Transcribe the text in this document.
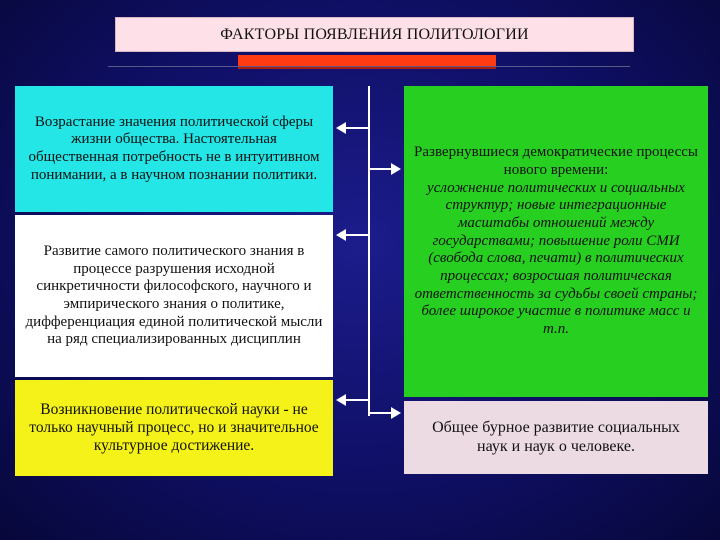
ФАКТОРЫ ПОЯВЛЕНИЯ ПОЛИТОЛОГИИ
Возрастание значения политической сферы жизни общества. Настоятельная общественная потребность не в интуитивном понимании, а в научном познании политики.
Развитие самого политического знания в процессе разрушения исходной синкретичности философского, научного и эмпирического знания о политике, дифференциация единой политической мысли на ряд специализированных дисциплин
Возникновение политической науки - не только научный процесс, но и значительное культурное достижение.
Развернувшиеся демократические процессы нового времени:
усложнение политических и социальных структур; новые интеграционные масштабы отношений между государствами; повышение роли СМИ (свобода слова, печати) в политических процессах; возросшая политическая ответственность за судьбы своей страны; более широкое участие в политике масс и т.п.
Общее бурное развитие социальных наук и наук о человеке.
